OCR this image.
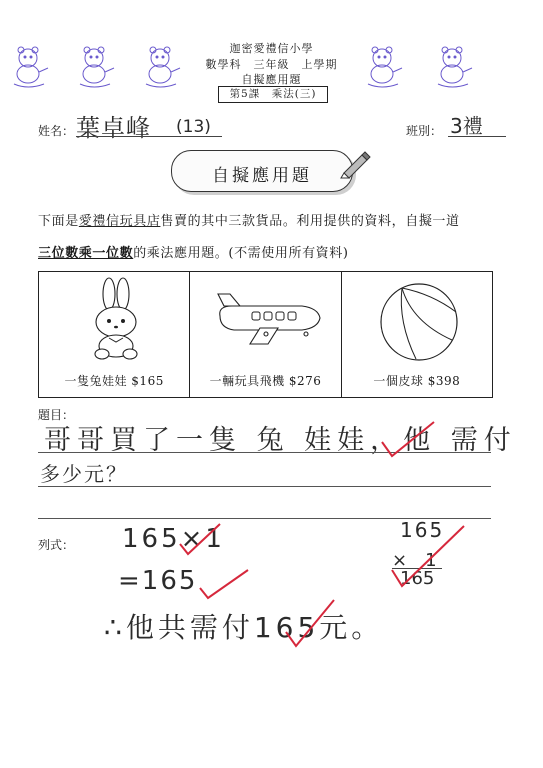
迦密愛禮信小學
數學科　三年級　上學期
自擬應用題
第5課　乘法(三)
姓名： 葉卓峰 (13)	班別： 3禮
自擬應用題
下面是愛禮信玩具店售賣的其中三款貨品。利用提供的資料，自擬一道
三位數乘一位數的乘法應用題。(不需使用所有資料)
一隻兔娃娃 $165	一輛玩具飛機 $276	一個皮球 $398
題目：
哥哥買了一隻 兔 娃娃，他 需付
多少元？
列式： 165×1
=165
165
×　1
165
∴他共需付165元。
